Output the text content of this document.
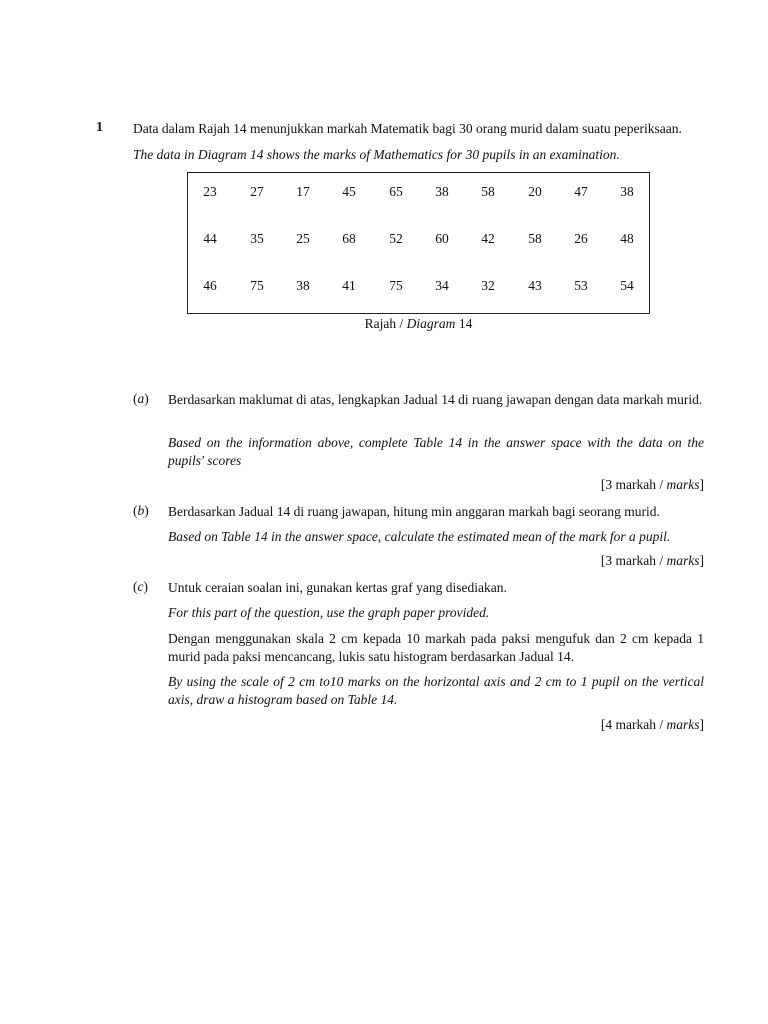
1 Data dalam Rajah 14 menunjukkan markah Matematik bagi 30 orang murid dalam suatu peperiksaan.
The data in Diagram 14 shows the marks of Mathematics for 30 pupils in an examination.
23	27	17	45	65	38	58	20	47	38
44	35	25	68	52	60	42	58	26	48
46	75	38	41	75	34	32	43	53	54
Rajah / Diagram 14
(a) Berdasarkan maklumat di atas, lengkapkan Jadual 14 di ruang jawapan dengan data markah murid.
Based on the information above, complete Table 14 in the answer space with the data on the pupils' scores
[3 markah / marks]
(b) Berdasarkan Jadual 14 di ruang jawapan, hitung min anggaran markah bagi seorang murid.
Based on Table 14 in the answer space, calculate the estimated mean of the mark for a pupil.
[3 markah / marks]
(c) Untuk ceraian soalan ini, gunakan kertas graf yang disediakan.
For this part of the question, use the graph paper provided.
Dengan menggunakan skala 2 cm kepada 10 markah pada paksi mengufuk dan 2 cm kepada 1 murid pada paksi mencancang, lukis satu histogram berdasarkan Jadual 14.
By using the scale of 2 cm to10 marks on the horizontal axis and 2 cm to 1 pupil on the vertical axis, draw a histogram based on Table 14.
[4 markah / marks]
